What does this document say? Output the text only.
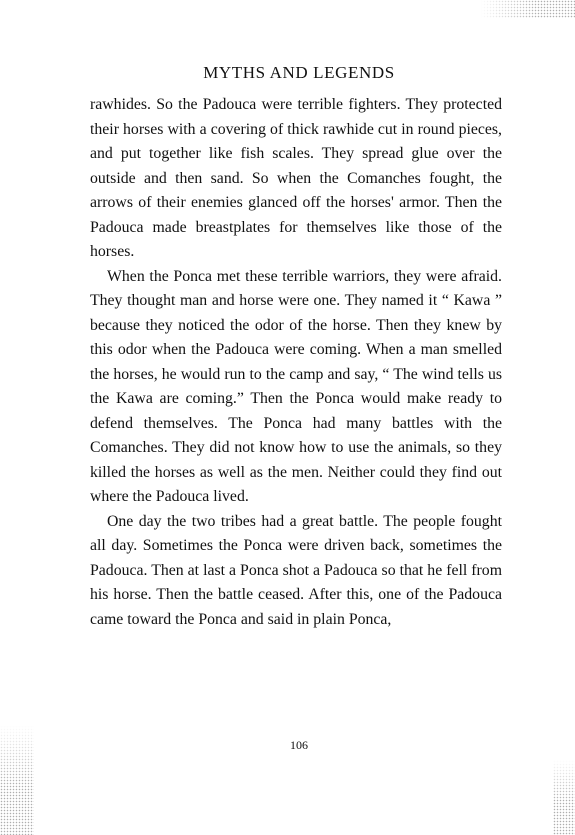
MYTHS AND LEGENDS

rawhides. So the Padouca were terrible fighters. They protected their horses with a covering of thick rawhide cut in round pieces, and put together like fish scales. They spread glue over the outside and then sand. So when the Comanches fought, the arrows of their enemies glanced off the horses' armor. Then the Padouca made breastplates for themselves like those of the horses.

When the Ponca met these terrible warriors, they were afraid. They thought man and horse were one. They named it “ Kawa ” because they noticed the odor of the horse. Then they knew by this odor when the Padouca were coming. When a man smelled the horses, he would run to the camp and say, “ The wind tells us the Kawa are coming.” Then the Ponca would make ready to defend themselves. The Ponca had many battles with the Comanches. They did not know how to use the animals, so they killed the horses as well as the men. Neither could they find out where the Padouca lived.

One day the two tribes had a great battle. The people fought all day. Sometimes the Ponca were driven back, sometimes the Padouca. Then at last a Ponca shot a Padouca so that he fell from his horse. Then the battle ceased. After this, one of the Padouca came toward the Ponca and said in plain Ponca,

106
